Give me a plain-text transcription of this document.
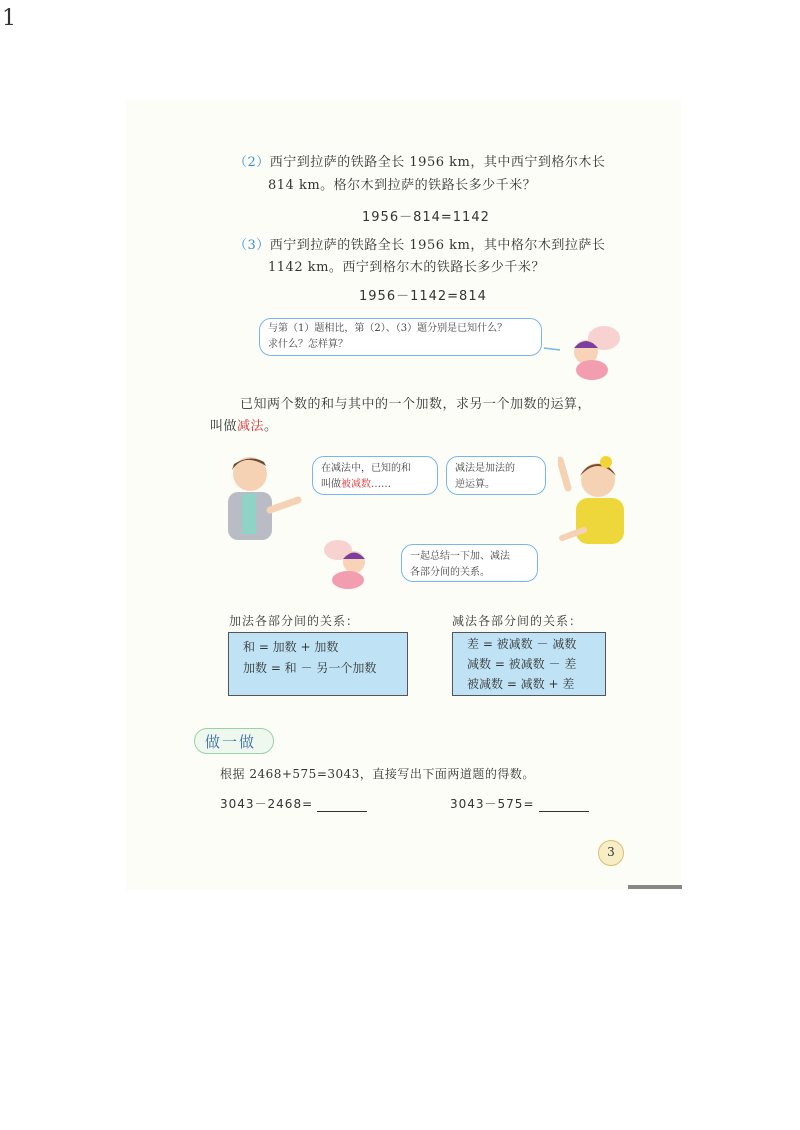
1
（2）西宁到拉萨的铁路全长 1956 km，其中西宁到格尔木长
814 km。格尔木到拉萨的铁路长多少千米？
1956－814=1142
（3）西宁到拉萨的铁路全长 1956 km，其中格尔木到拉萨长
1142 km。西宁到格尔木的铁路长多少千米？
1956－1142=814
与第（1）题相比，第（2）、（3）题分别是已知什么？
求什么？怎样算？
已知两个数的和与其中的一个加数，求另一个加数的运算，
叫做减法。
在减法中，已知的和
叫做被减数……
减法是加法的
逆运算。
一起总结一下加、减法
各部分间的关系。
加法各部分间的关系：
和 = 加数 + 加数
加数 = 和 － 另一个加数
减法各部分间的关系：
差 = 被减数 － 减数
减数 = 被减数 － 差
被减数 = 减数 + 差
做一做
根据 2468+575=3043，直接写出下面两道题的得数。
3043－2468=	3043－575=
3
